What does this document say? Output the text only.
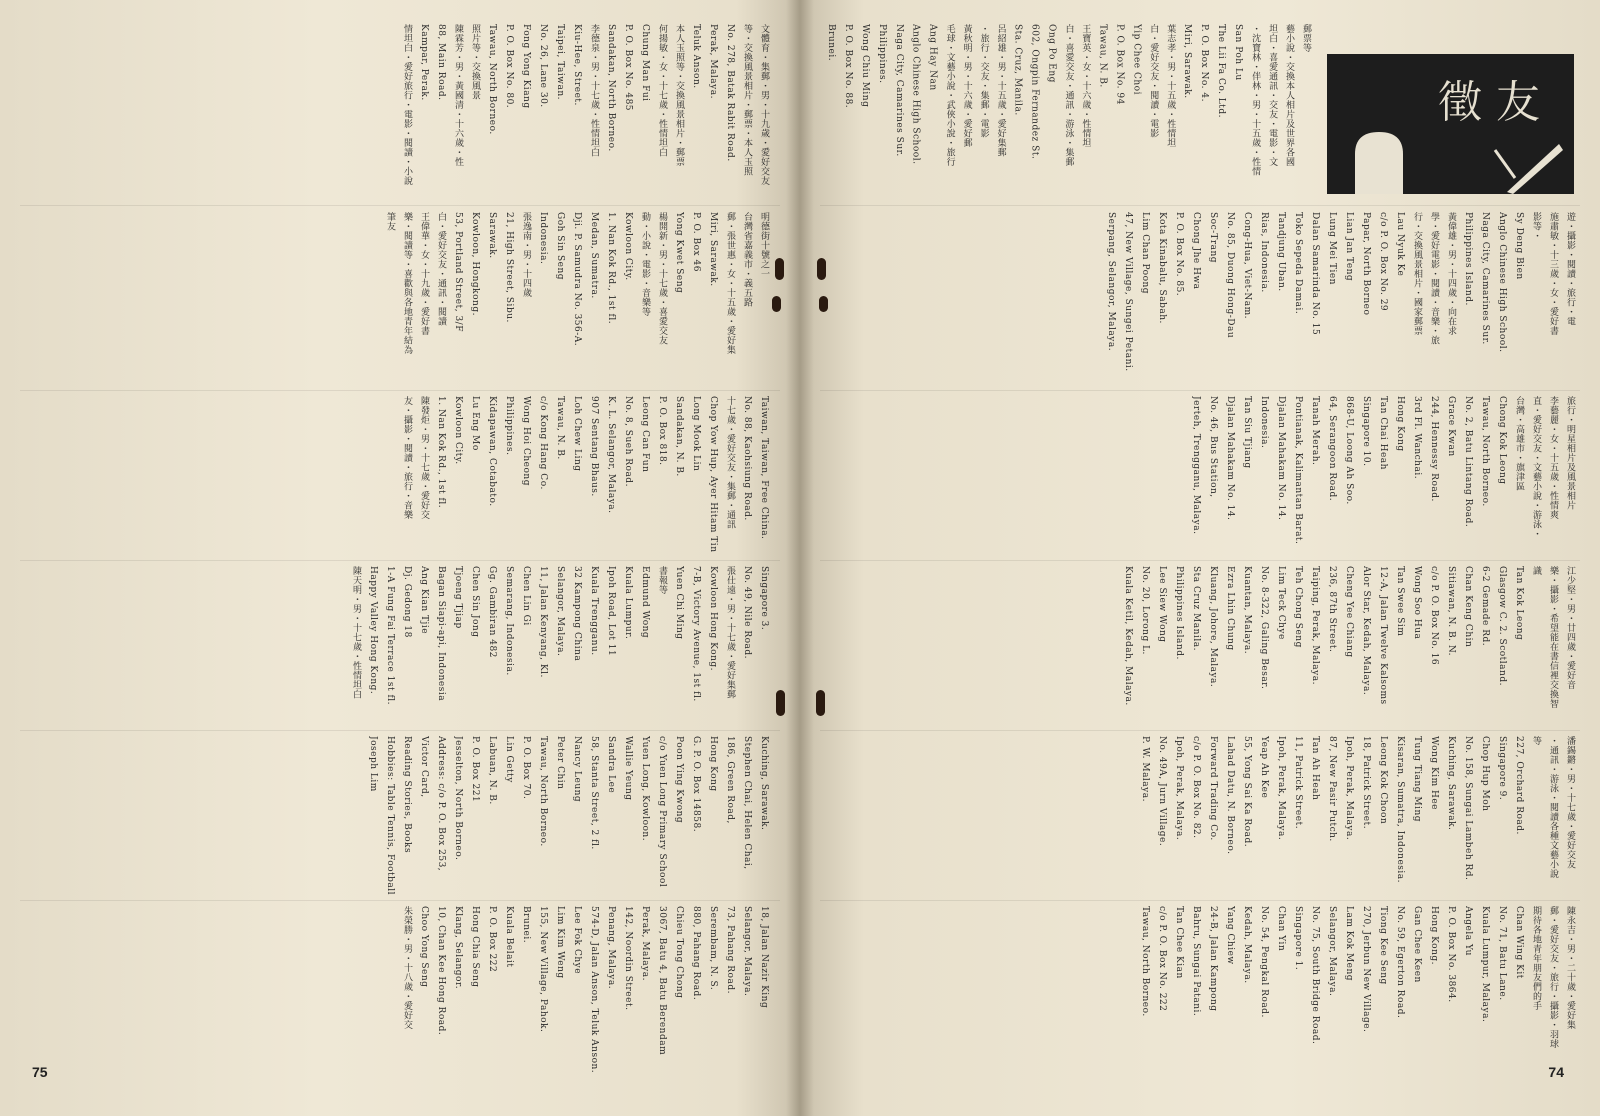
文體育・集郵・男・十九歲・愛好交友
等・交換風景相片・郵票・本人玉照
No. 278, Batak Rabit Road.
Perak, Malaya.
Teluk Anson.
本人玉照等・交換風景相片・郵票
何揚敏・女・十七歲・性情坦白
Chung Man Fui
P. O. Box No. 485
Sandakan, North Borneo.
李德泉・男・十七歲・性情坦白
Kiu-Hee, Street.
Taipei, Taiwan.
No. 26, Lane 30.
Fong Yong Kiang
P. O. Box No. 80.
Tawau, North Borneo.
照片等・交換風景
陳霖芳・男・黃國清・十六歲・性
88, Main Road.
Kampar, Perak.
情坦白・愛好旅行・電影・閱讀・小說
明德街十號之一
台灣省嘉義市・義五路
郵・張世惠・女・十五歲・愛好集
Miri, Sarawak.
P. O. Box 46
Yong Kwet Seng
楊開新・男・十七歲・喜愛交友
動・小說・電影・音樂等
Kowloon City.
1. Nan Kok Rd., 1st fl.
Medan, Sumatra.
Dji. P. Samudra No. 356-A.
Goh Sin Seng
Indonesia.
張逸南・男・十四歲
21, High Street, Sibu.
Sarawak.
Kowloon, Hongkong.
53, Portland Street, 3/F
白・愛好交友・通訊・閱讀
王偉華・女・十九歲・愛好書
樂・閱讀等・喜歡與各地青年結為
筆友
Taiwan, Taiwan, Free China.
No. 88, Kaohsiung Road.
十七歲・愛好交友・集郵・通訊
Chop Yow Hup, Ayer Hitam Tin
Long Mook Lin
Sandakan, N. B.
P. O. Box 818.
Leong Can Fun
No. 8, Sueh Road.
K. L. Selangor, Malaya.
907 Sentang Bhaus.
Loh Chew Ling
Tawau, N. B.
c/o Kong Hang Co.
Wong Hoi Cheong
Philippines.
Kidapawan, Cotabato.
Lu Eng Mo
Kowloon City.
1. Nan Kok Rd., 1st fl.
陳發炬・男・十七歲・愛好交
友・攝影・閱讀・旅行・音樂
Singapore 3.
No. 49, Nile Road.
張仕遠・男・十七歲・愛好集郵
Kowloon Hong Kong.
7-B, Victory Avenue, 1st fl.
Yuen Chi Ming
書報等
Edmund Wong
Kuala Lumpur.
Ipoh Road, Lot 11
Kuala Trengganu.
32 Kampong China
Selangor, Malaya.
11, Jalan Kenyang, Kl.
Chen Lin Gi
Semarang, Indonesia.
Gg. Gambiran 482
Chen Sin Jong
Tjoeng Tjiap
Bagan Siapi-api, Indonesia
Ang Kian Tjie
Dj. Gedong 18
1-A Fung Fai Terrace 1st fl.
Happy Valley Hong Kong.
陳天明・男・十七歲・性情坦白
Kuching, Sarawak.
Stephen Chai, Helen Chai,
186, Green Road,
Hong Kong
G. P. O. Box 14858.
Poon Ying Kwong
c/o Yuen Long Primary School
Yuen Long, Kowloon.
Wallie Yeung
Sandra Lee
58, Stanta Street, 2 fl.
Nancy Leung
Peter Chin
Tawau, North Borneo.
P. O. Box 70.
Lin Getty
Labuan, N. B.
P. O. Box 221
Jesselton, North Borneo.
Address: c/o P. O. Box 253,
Victor Card,
Reading Stories, Books
Hobbies: Table Tennis, Football
Joseph Lim
18, Jalan Nazir King
Selangor, Malaya.
73, Pahang Road.
Serembam, N. S.
880, Pahang Road.
Chieu Tong Chong
3067, Batu 4, Batu Berendam
Perak, Malaya.
142, Noordin Street.
Penang, Malaya.
574-D, Jalan Anson, Teluk Anson.
Lee Fok Chye
Lim Kim Weng
155, New Village, Pahok.
Brunei.
Kuala Belait
P. O. Box 222
Hong Chia Seng
Klang, Selangor.
10, Chan Kee Hong Road.
Choo Yong Seng
朱榮勝・男・十八歲・愛好交
75
徵友
郵票等
藝小說・交換本人相片及世界各國
坦白・喜愛通訊・交友・電影・文
・沈寶林・伴林・男・十五歲・性情
San Poh Lu
The Lii Fa Co. Ltd.
P. O. Box No. 4.
Miri, Sarawak.
葉志孝・男・十五歲・性情坦
白・愛好交友・閱讀・電影
Yip Chee Choi
P. O. Box No. 94
Tawau, N. B.
王寶英・女・十六歲・性情坦
白・喜愛交友・通訊・游泳・集郵
Ong Po Eng
602, Ongpin Fernandez St.
Sta. Cruz, Manila.
呂紹雄・男・十五歲・愛好集郵
・旅行・交友・集郵・電影
黃秋明・男・十六歲・愛好郵
毛球・文藝小說・武俠小說・旅行
Ang Hay Nan
Anglo Chinese High School.
Naga City, Camarines Sur.
Philippines.
Wong Chiu Ming
P. O. Box No. 88.
Brunei.
遊・攝影・閱讀・旅行・電
施肅敏・十三歲・女・愛好書
影等・
Sy Deng Bien
Anglo Chinese High School.
Naga City, Camarines Sur.
Philippines Island.
黃偉雄・男・十四歲・向在求
學・愛好電影・閱讀・音樂・旅
行・交換風景相片・國家郵票
Lau Nyuk Ke
c/o P. O. Box No. 29
Papar, North Borneo
Lian Jan Teng
Lung Mei Tien
Dalan Samarinda No. 15
Toko Sepeda Damai.
Tandjung Uban.
Rias, Indonesia.
Cong-Hua, Viet-Nam.
No. 85, Duong Hong-Dau
Soc-Trang
Chong Jhe Hwa
P. O. Box No. 85.
Kota Kinabalu, Sabah.
Lim Chan Poong
47, New Village, Sungei Petani.
Serpang, Selangor, Malaya.
旅行・明星相片及風景相片
李藝麗・女・十五歲・性情爽
直・愛好交友・文藝小說・游泳・
台灣・高雄市・旗津區
Chong Kok Leong
Tawau, North Borneo.
No. 2, Batu Lintang Road.
Grace Kwan
244, Hennessy Road.
3rd Fl. Wanchai.
Hong Kong
Tan Chai Heah
Singapore 10.
868-U, Loong Ah Soo.
64, Serangoon Road.
Tanah Merah.
Pontianak, Kalimantan Barat.
Djalan Mahakam No. 14.
Indonesia.
Tan Siu Tjiang
Djalan Mahakam No. 14.
No. 46, Bus Station,
Jerteh, Trengganu, Malaya.
江少堅・男・廿四歲・愛好音
樂・攝影・希望能在書信裡交換智
識
Tan Kok Leong
Glasgow C. 2. Scotland.
6-2 Gemade Rd.
Chan Keng Chin
Sitiawan, N. B. N.
c/o P. O. Box No. 16
Wong Soo Hua
Tan Swee Sim
12-A, Jalan Twelve Kalsoms
Alor Star, Kedah, Malaya.
Cheng Yee Chiang
236, 87th Street.
Taiping, Perak, Malaya.
Teh Chong Seng
Lim Teck Chye
No. 8-322, Galing Besar.
Kuantan, Malaya.
Ezra Lhin Chung
Kluang, Johore, Malaya.
Sta Cruz Manila.
Philippines Island.
Lee Siew Wong
No. 20, Lorong L.
Kuala Ketil, Kedah, Malaya.
潘錫鏘・男・十七歲・愛好交友
・通訊・游泳・閱讀各種文藝小說
等
227, Orchard Road.
Singapore 9.
Chop Hup Moh
No. 158, Sungai Lambeh Rd.
Kuching, Sarawak.
Wong Kim Hee
Tung Tiang Ming
Kisaran, Sumatra, Indonesia.
Leong Kok Choon
18, Patrick Street.
Ipoh, Perak, Malaya.
87, New Pasir Putch.
Tan Ah Heah
11, Patrick Street.
Ipoh, Perak, Malaya.
Yeap Ah Kee
55, Yong Sai Ka Road.
Lahad Datu, N. Borneo.
Forward Trading Co.
c/o P. O. Box No. 82.
Ipoh, Perak, Malaya.
No. 49A, Jurn Village.
P. W. Malaya.
陳永吉・男・二十歲・愛好集
郵・愛好交友・旅行・攝影・羽球
期待各地青年朋友們的手
Chan Wing Kit
No. 71, Batu Lane.
Kuala Lumpur, Malaya.
Angela Yu
P. O. Box No. 3864.
Hong Kong.
Gan Chee Keen
No. 59, Egerton Road.
Tiong Kee Seng
270, Jerbun New Village.
Lam Kok Meng
Selangor, Malaya.
No. 75, South Bridge Road.
Singapore 1.
Chan Yin
No. 54, Pengkal Road.
Kedah, Malaya.
Yang Chiew
24-B, Jalan Kampong
Bahru, Sungai Patani.
Tan Chee Kian
c/o P. O. Box No. 222
Tawau, North Borneo.
74
